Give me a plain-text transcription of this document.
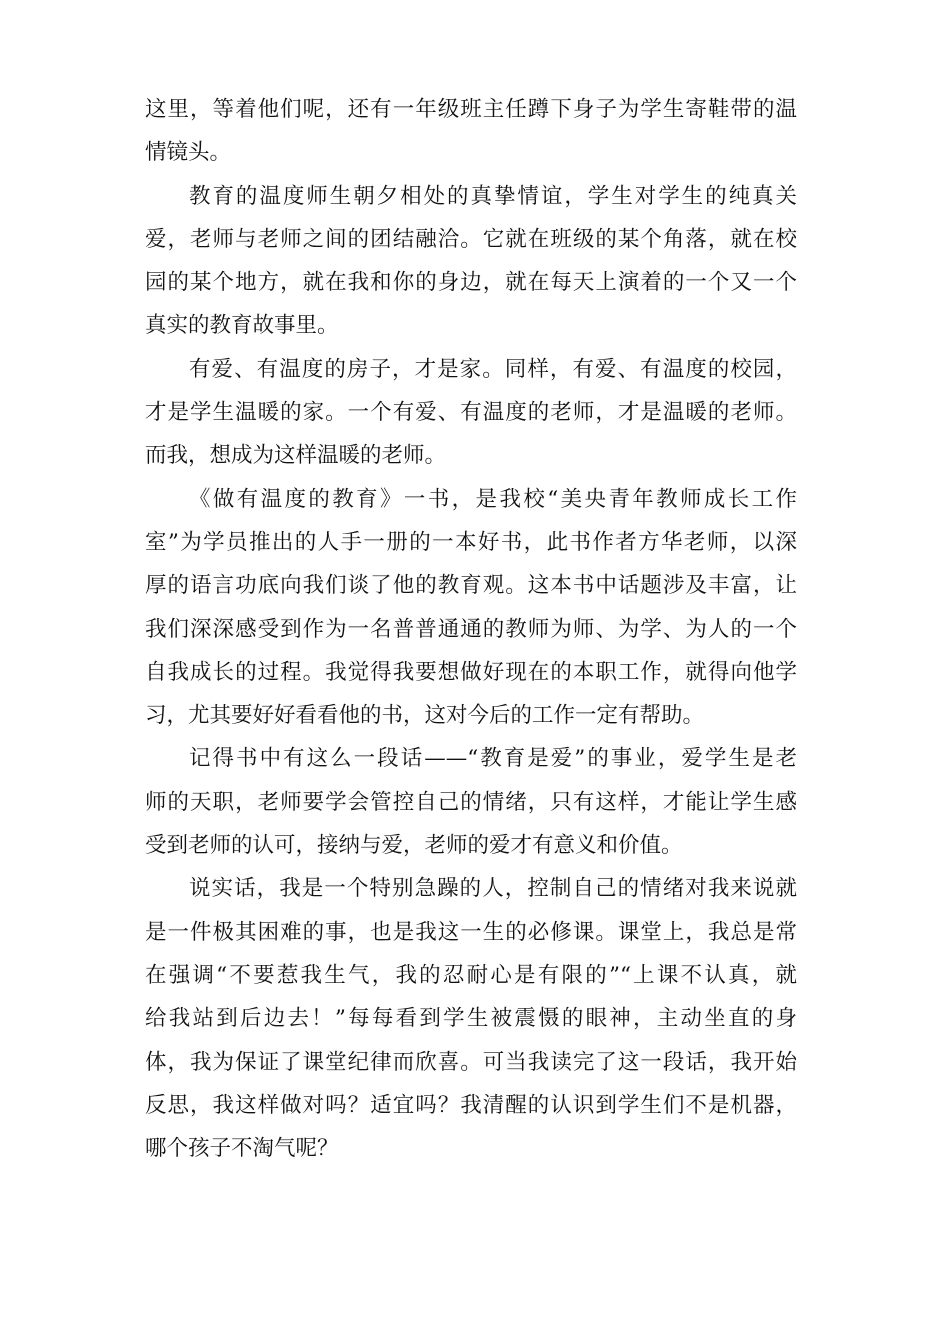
这里，等着他们呢，还有一年级班主任蹲下身子为学生寄鞋带的温
情镜头。
教育的温度师生朝夕相处的真挚情谊，学生对学生的纯真关
爱，老师与老师之间的团结融洽。它就在班级的某个角落，就在校
园的某个地方，就在我和你的身边，就在每天上演着的一个又一个
真实的教育故事里。
有爱、有温度的房子，才是家。同样，有爱、有温度的校园，
才是学生温暖的家。一个有爱、有温度的老师，才是温暖的老师。
而我，想成为这样温暖的老师。
《做有温度的教育》一书，是我校“美央青年教师成长工作
室”为学员推出的人手一册的一本好书，此书作者方华老师，以深
厚的语言功底向我们谈了他的教育观。这本书中话题涉及丰富，让
我们深深感受到作为一名普普通通的教师为师、为学、为人的一个
自我成长的过程。我觉得我要想做好现在的本职工作，就得向他学
习，尤其要好好看看他的书，这对今后的工作一定有帮助。
记得书中有这么一段话——“教育是爱”的事业，爱学生是老
师的天职，老师要学会管控自己的情绪，只有这样，才能让学生感
受到老师的认可，接纳与爱，老师的爱才有意义和价值。
说实话，我是一个特别急躁的人，控制自己的情绪对我来说就
是一件极其困难的事，也是我这一生的必修课。课堂上，我总是常
在强调“不要惹我生气，我的忍耐心是有限的”“上课不认真，就
给我站到后边去！”每每看到学生被震慑的眼神，主动坐直的身
体，我为保证了课堂纪律而欣喜。可当我读完了这一段话，我开始
反思，我这样做对吗？适宜吗？我清醒的认识到学生们不是机器，
哪个孩子不淘气呢？
